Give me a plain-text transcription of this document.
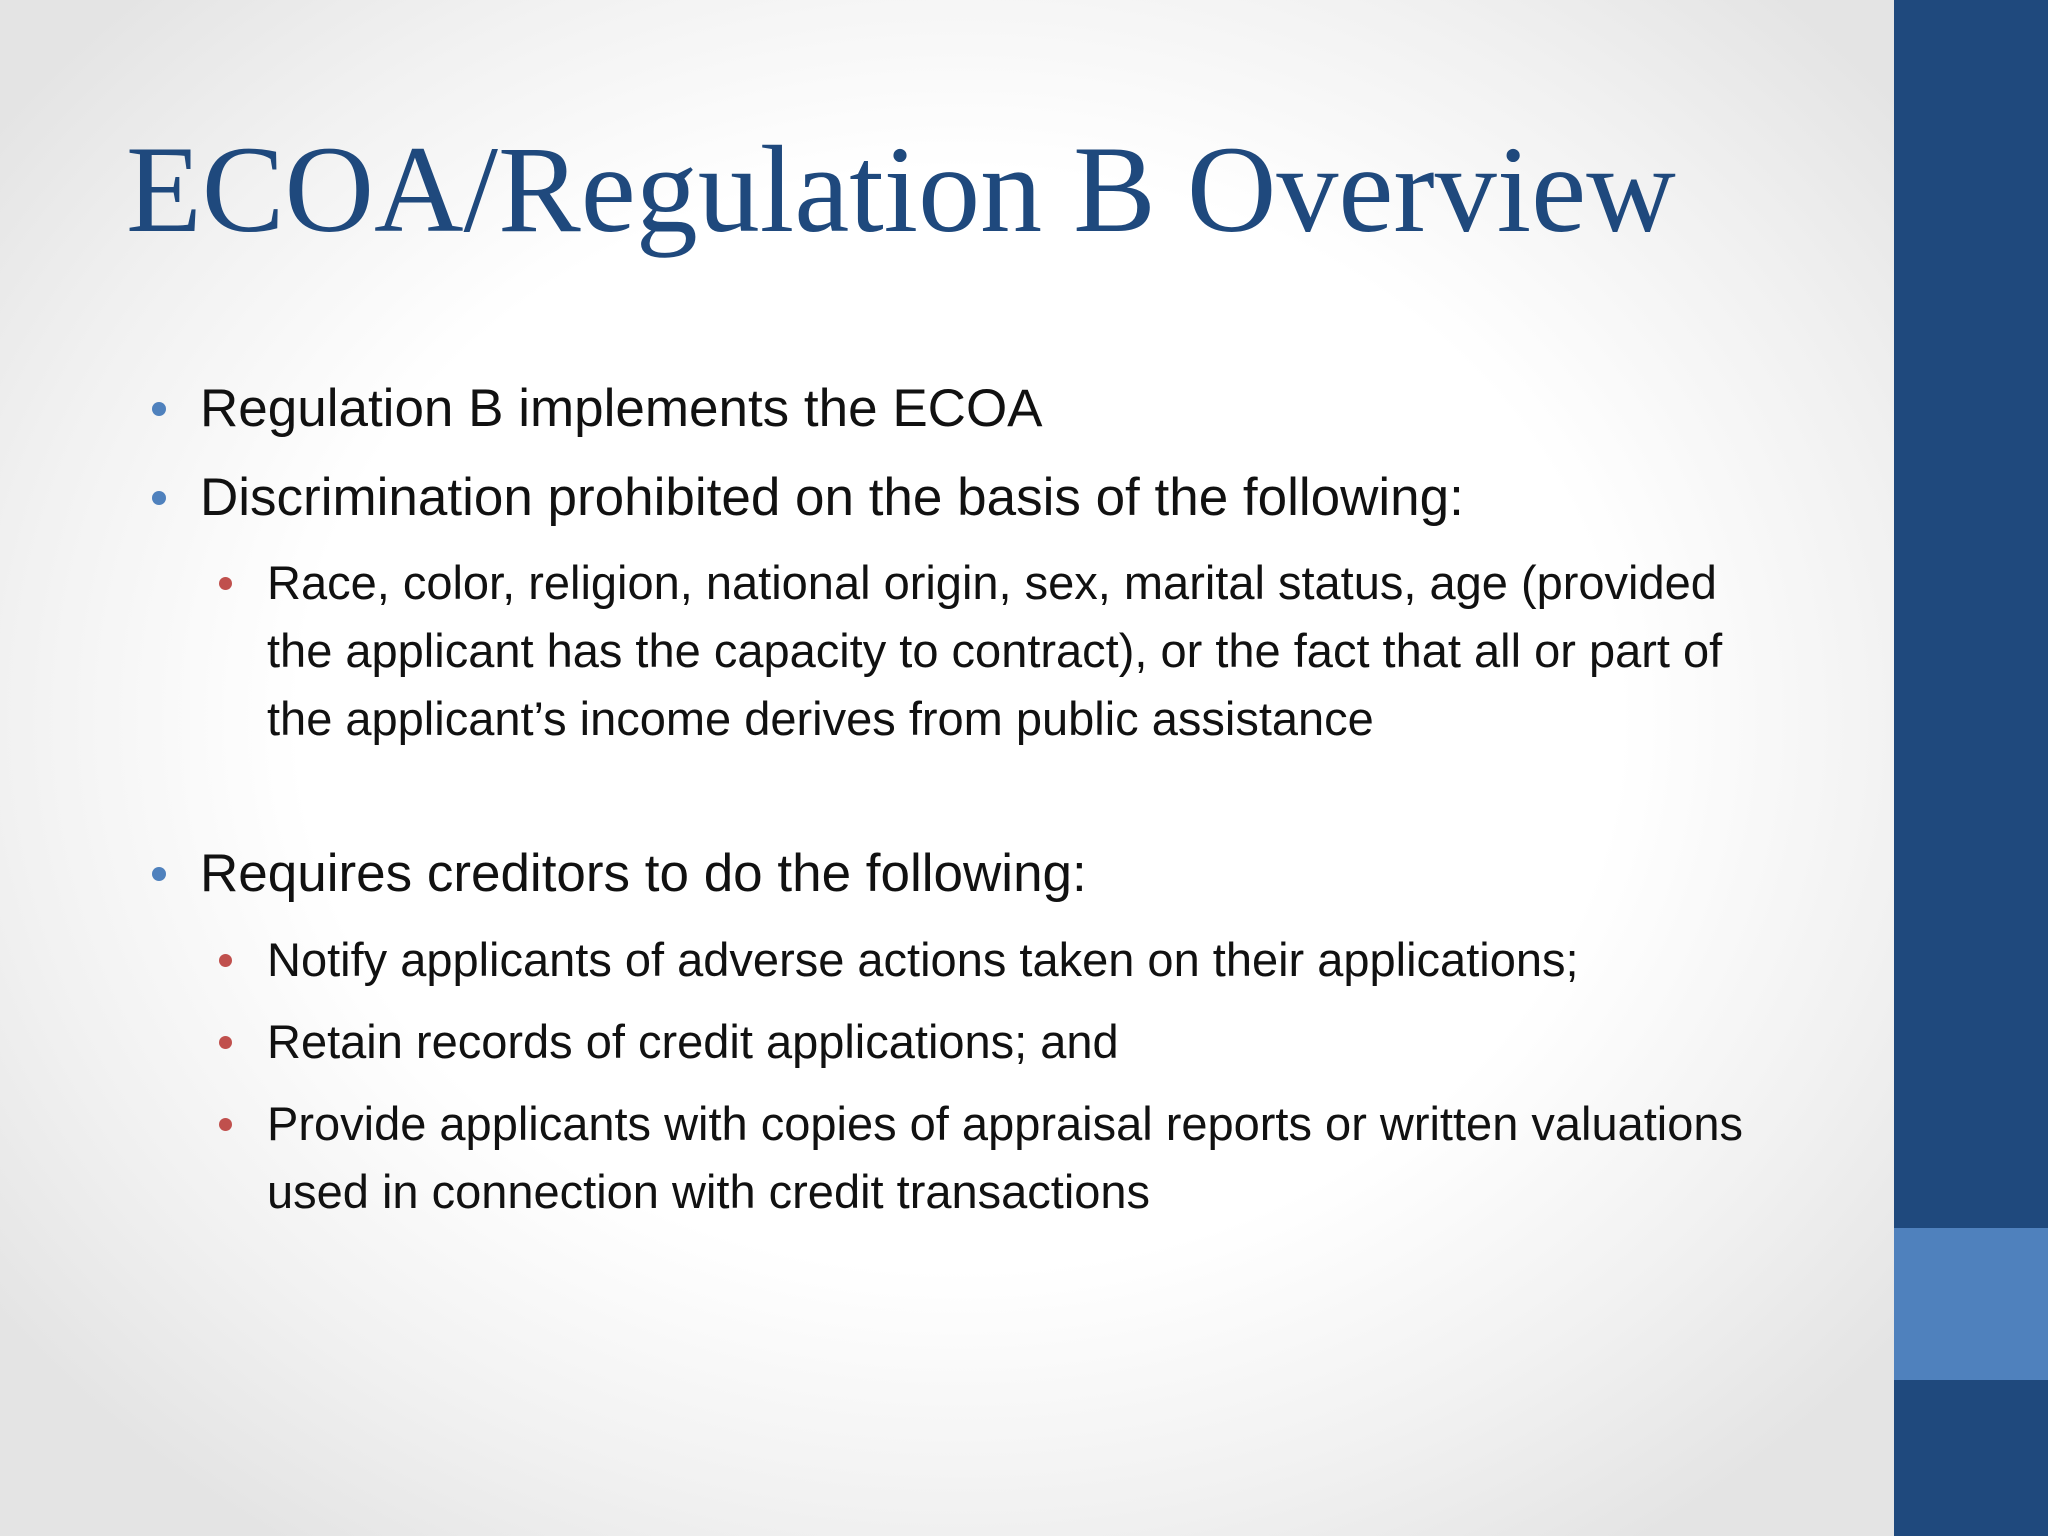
ECOA/Regulation B Overview
Regulation B implements the ECOA
Discrimination prohibited on the basis of the following:
Race, color, religion, national origin, sex, marital status, age (provided the applicant has the capacity to contract), or the fact that all or part of the applicant’s income derives from public assistance
Requires creditors to do the following:
Notify applicants of adverse actions taken on their applications;
Retain records of credit applications; and
Provide applicants with copies of appraisal reports or written valuations used in connection with credit transactions
